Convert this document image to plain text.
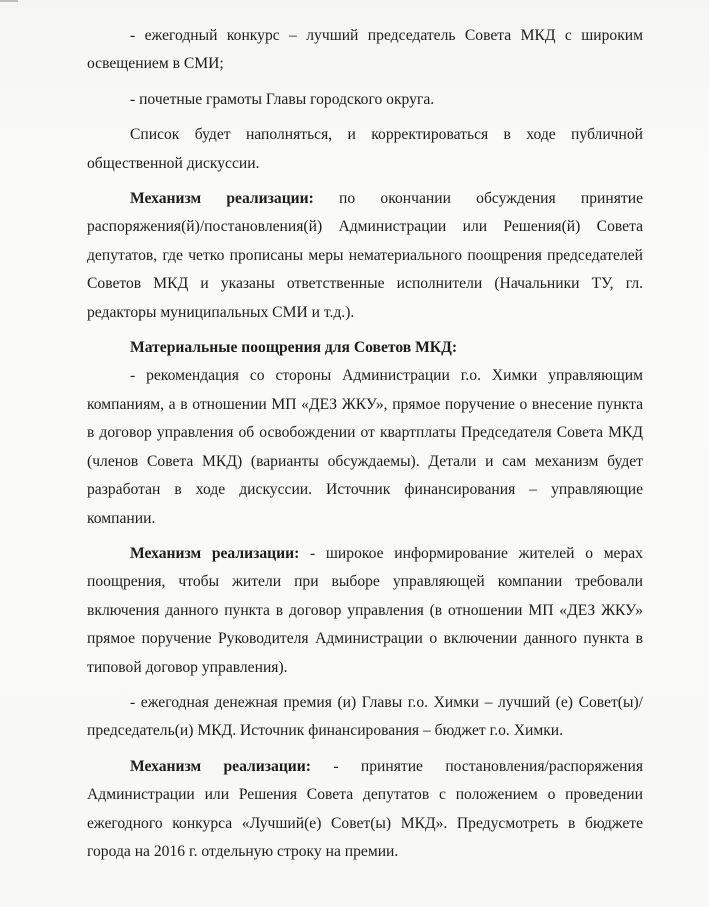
- ежегодный конкурс – лучший председатель Совета МКД с широким освещением в СМИ;

- почетные грамоты Главы городского округа.

Список будет наполняться, и корректироваться в ходе публичной общественной дискуссии.

Механизм реализации: по окончании обсуждения принятие распоряжения(й)/постановления(й) Администрации или Решения(й) Совета депутатов, где четко прописаны меры нематериального поощрения председателей Советов МКД и указаны ответственные исполнители (Начальники ТУ, гл. редакторы муниципальных СМИ и т.д.).

Материальные поощрения для Советов МКД:

- рекомендация со стороны Администрации г.о. Химки управляющим компаниям, а в отношении МП «ДЕЗ ЖКУ», прямое поручение о внесение пункта в договор управления об освобождении от квартплаты Председателя Совета МКД (членов Совета МКД) (варианты обсуждаемы). Детали и сам механизм будет разработан в ходе дискуссии. Источник финансирования – управляющие компании.

Механизм реализации: - широкое информирование жителей о мерах поощрения, чтобы жители при выборе управляющей компании требовали включения данного пункта в договор управления (в отношении МП «ДЕЗ ЖКУ» прямое поручение Руководителя Администрации о включении данного пункта в типовой договор управления).

- ежегодная денежная премия (и) Главы г.о. Химки – лучший (е) Совет(ы)/ председатель(и) МКД. Источник финансирования – бюджет г.о. Химки.

Механизм реализации: - принятие постановления/распоряжения Администрации или Решения Совета депутатов с положением о проведении ежегодного конкурса «Лучший(е) Совет(ы) МКД». Предусмотреть в бюджете города на 2016 г. отдельную строку на премии.
